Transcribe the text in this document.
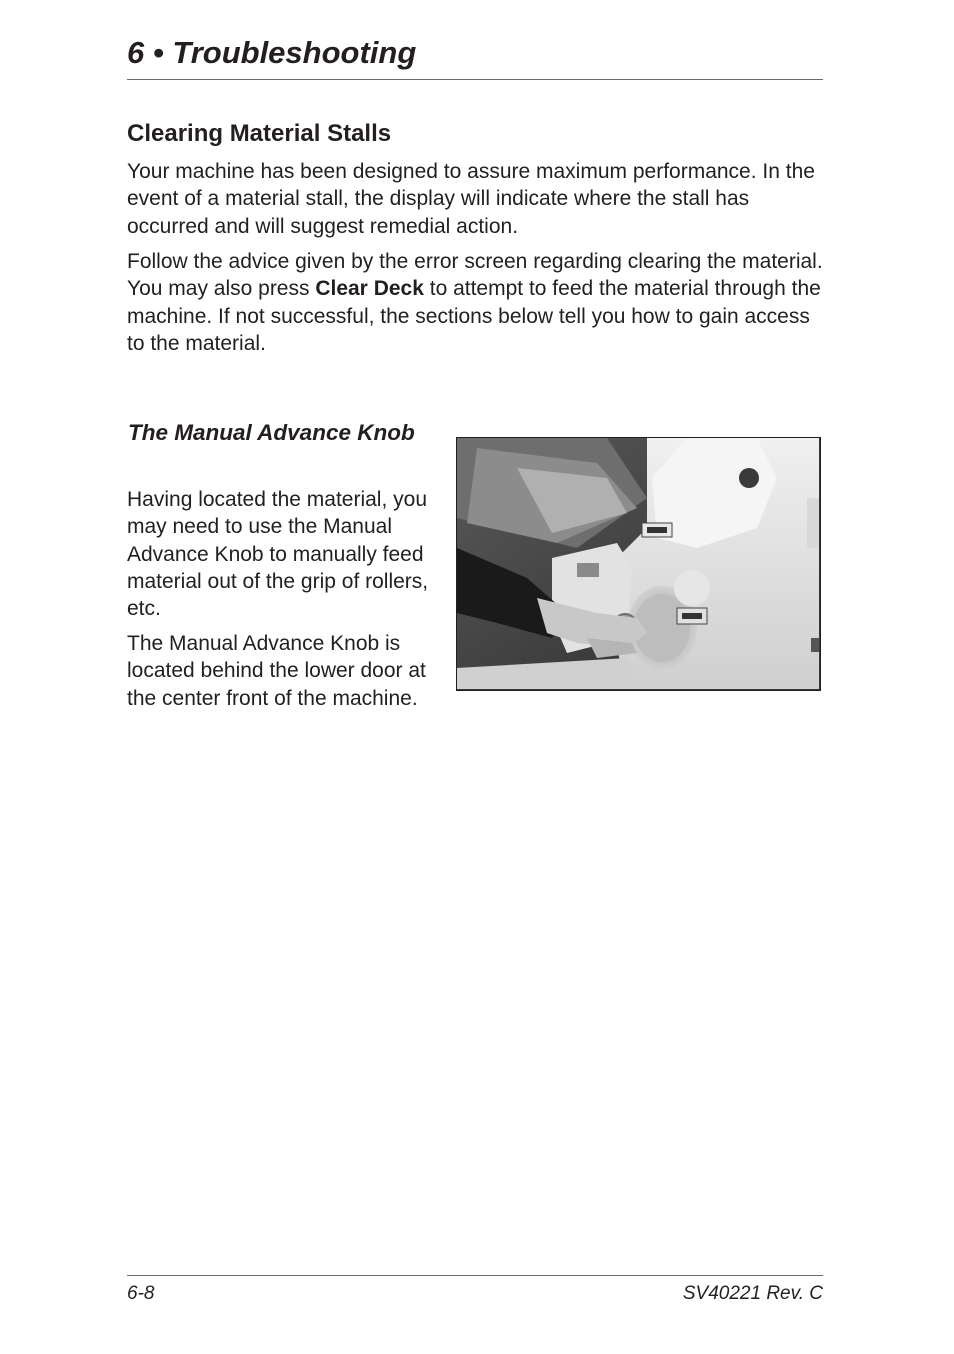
6 • Troubleshooting
Clearing Material Stalls

Your machine has been designed to assure maximum performance. In the event of a material stall, the display will indicate where the stall has occurred and will suggest remedial action.

Follow the advice given by the error screen regarding clearing the material. You may also press Clear Deck to attempt to feed the material through the machine. If not successful, the sections below tell you how to gain access to the material.

The Manual Advance Knob

Having located the material, you may need to use the Manual Advance Knob to manually feed material out of the grip of rollers, etc.

The Manual Advance Knob is located behind the lower door at the center front of the machine.

6-8	SV40221 Rev. C
